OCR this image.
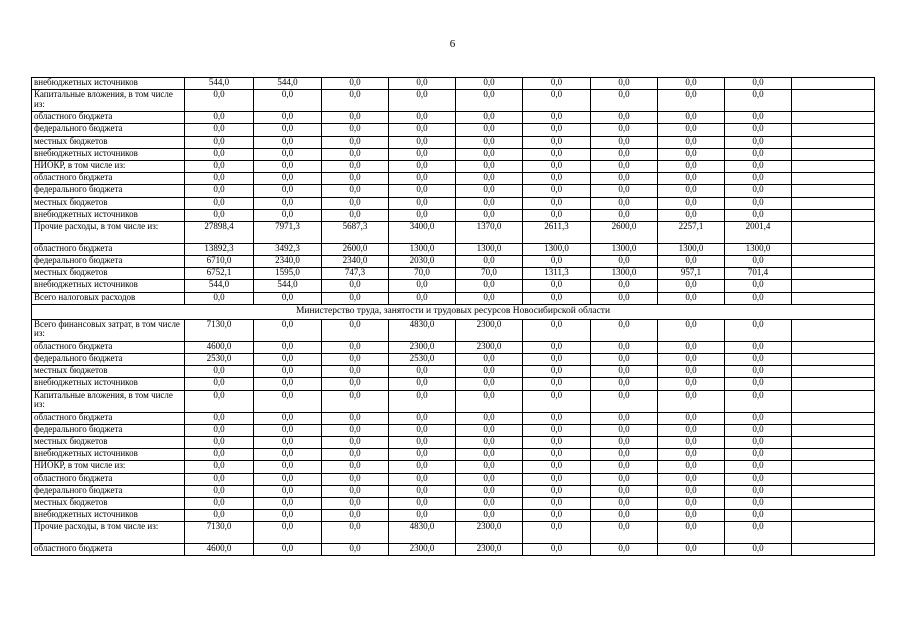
6
внебюджетных источников	544,0	544,0	0,0	0,0	0,0	0,0	0,0	0,0	0,0	
Капитальные вложения, в том числе из:	0,0	0,0	0,0	0,0	0,0	0,0	0,0	0,0	0,0	
областного бюджета	0,0	0,0	0,0	0,0	0,0	0,0	0,0	0,0	0,0	
федерального бюджета	0,0	0,0	0,0	0,0	0,0	0,0	0,0	0,0	0,0	
местных бюджетов	0,0	0,0	0,0	0,0	0,0	0,0	0,0	0,0	0,0	
внебюджетных источников	0,0	0,0	0,0	0,0	0,0	0,0	0,0	0,0	0,0	
НИОКР, в том числе из:	0,0	0,0	0,0	0,0	0,0	0,0	0,0	0,0	0,0	
областного бюджета	0,0	0,0	0,0	0,0	0,0	0,0	0,0	0,0	0,0	
федерального бюджета	0,0	0,0	0,0	0,0	0,0	0,0	0,0	0,0	0,0	
местных бюджетов	0,0	0,0	0,0	0,0	0,0	0,0	0,0	0,0	0,0	
внебюджетных источников	0,0	0,0	0,0	0,0	0,0	0,0	0,0	0,0	0,0	
Прочие расходы, в том числе из:	27898,4	7971,3	5687,3	3400,0	1370,0	2611,3	2600,0	2257,1	2001,4	
областного бюджета	13892,3	3492,3	2600,0	1300,0	1300,0	1300,0	1300,0	1300,0	1300,0	
федерального бюджета	6710,0	2340,0	2340,0	2030,0	0,0	0,0	0,0	0,0	0,0	
местных бюджетов	6752,1	1595,0	747,3	70,0	70,0	1311,3	1300,0	957,1	701,4	
внебюджетных источников	544,0	544,0	0,0	0,0	0,0	0,0	0,0	0,0	0,0	
Всего налоговых расходов	0,0	0,0	0,0	0,0	0,0	0,0	0,0	0,0	0,0	
Министерство труда, занятости и трудовых ресурсов Новосибирской области										
Всего финансовых затрат, в том числе из:	7130,0	0,0	0,0	4830,0	2300,0	0,0	0,0	0,0	0,0	
областного бюджета	4600,0	0,0	0,0	2300,0	2300,0	0,0	0,0	0,0	0,0	
федерального бюджета	2530,0	0,0	0,0	2530,0	0,0	0,0	0,0	0,0	0,0	
местных бюджетов	0,0	0,0	0,0	0,0	0,0	0,0	0,0	0,0	0,0	
внебюджетных источников	0,0	0,0	0,0	0,0	0,0	0,0	0,0	0,0	0,0	
Капитальные вложения, в том числе из:	0,0	0,0	0,0	0,0	0,0	0,0	0,0	0,0	0,0	
областного бюджета	0,0	0,0	0,0	0,0	0,0	0,0	0,0	0,0	0,0	
федерального бюджета	0,0	0,0	0,0	0,0	0,0	0,0	0,0	0,0	0,0	
местных бюджетов	0,0	0,0	0,0	0,0	0,0	0,0	0,0	0,0	0,0	
внебюджетных источников	0,0	0,0	0,0	0,0	0,0	0,0	0,0	0,0	0,0	
НИОКР, в том числе из:	0,0	0,0	0,0	0,0	0,0	0,0	0,0	0,0	0,0	
областного бюджета	0,0	0,0	0,0	0,0	0,0	0,0	0,0	0,0	0,0	
федерального бюджета	0,0	0,0	0,0	0,0	0,0	0,0	0,0	0,0	0,0	
местных бюджетов	0,0	0,0	0,0	0,0	0,0	0,0	0,0	0,0	0,0	
внебюджетных источников	0,0	0,0	0,0	0,0	0,0	0,0	0,0	0,0	0,0	
Прочие расходы, в том числе из:	7130,0	0,0	0,0	4830,0	2300,0	0,0	0,0	0,0	0,0	
областного бюджета	4600,0	0,0	0,0	2300,0	2300,0	0,0	0,0	0,0	0,0	
